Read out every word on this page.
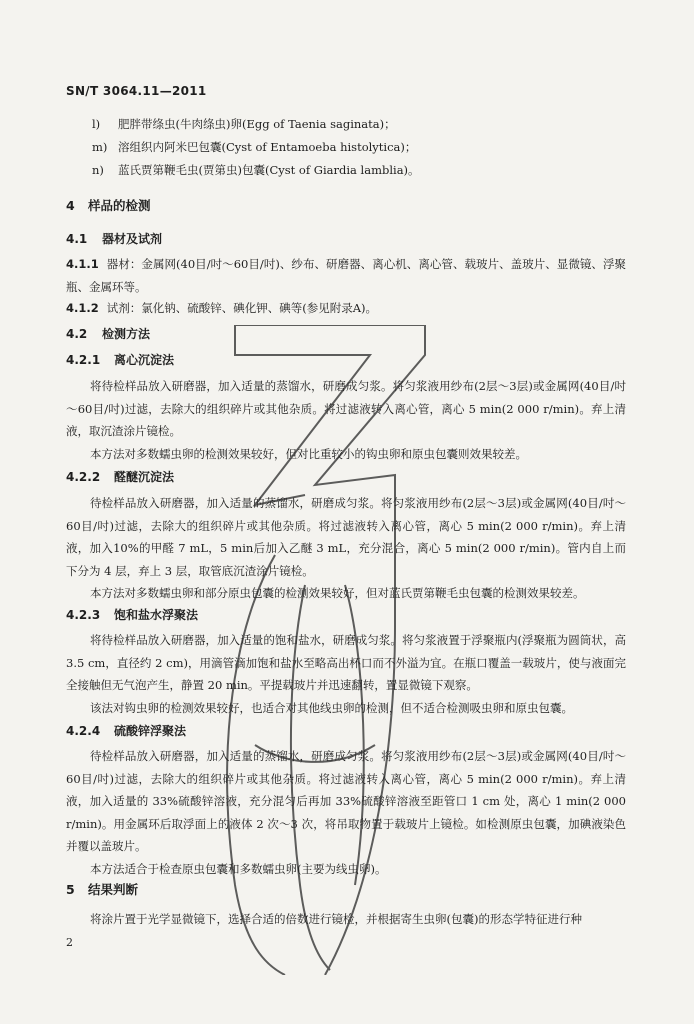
SN/T 3064.11—2011
l) 肥胖带绦虫(牛肉绦虫)卵(Egg of Taenia saginata)；
m) 溶组织内阿米巴包囊(Cyst of Entamoeba histolytica)；
n) 蓝氏贾第鞭毛虫(贾第虫)包囊(Cyst of Giardia lamblia)。
4 样品的检测
4.1 器材及试剂
4.1.1 器材：金属网(40目/吋～60目/吋)、纱布、研磨器、离心机、离心管、载玻片、盖玻片、显微镜、浮聚瓶、金属环等。
4.1.2 试剂：氯化钠、硫酸锌、碘化钾、碘等(参见附录A)。
4.2 检测方法
4.2.1 离心沉淀法

将待检样品放入研磨器，加入适量的蒸馏水，研磨成匀浆。将匀浆液用纱布(2层～3层)或金属网(40目/吋～60目/吋)过滤，去除大的组织碎片或其他杂质。将过滤液转入离心管，离心 5 min(2 000 r/min)。弃上清液，取沉渣涂片镜检。

本方法对多数蠕虫卵的检测效果较好，但对比重较小的钩虫卵和原虫包囊则效果较差。

4.2.2 醛醚沉淀法

待检样品放入研磨器，加入适量的蒸馏水，研磨成匀浆。将匀浆液用纱布(2层～3层)或金属网(40目/吋～60目/吋)过滤，去除大的组织碎片或其他杂质。将过滤液转入离心管，离心 5 min(2 000 r/min)。弃上清液，加入10%的甲醛 7 mL，5 min后加入乙醚 3 mL，充分混合，离心 5 min(2 000 r/min)。管内自上而下分为 4 层，弃上 3 层，取管底沉渣涂片镜检。

本方法对多数蠕虫卵和部分原虫包囊的检测效果较好，但对蓝氏贾第鞭毛虫包囊的检测效果较差。

4.2.3 饱和盐水浮聚法

将待检样品放入研磨器，加入适量的饱和盐水，研磨成匀浆。将匀浆液置于浮聚瓶内(浮聚瓶为圆筒状，高 3.5 cm，直径约 2 cm)，用滴管滴加饱和盐水至略高出杯口而不外溢为宜。在瓶口覆盖一载玻片，使与液面完全接触但无气泡产生，静置 20 min。平提载玻片并迅速翻转，置显微镜下观察。

该法对钩虫卵的检测效果较好，也适合对其他线虫卵的检测，但不适合检测吸虫卵和原虫包囊。

4.2.4 硫酸锌浮聚法

待检样品放入研磨器，加入适量的蒸馏水，研磨成匀浆。将匀浆液用纱布(2层～3层)或金属网(40目/吋～60目/吋)过滤，去除大的组织碎片或其他杂质。将过滤液转入离心管，离心 5 min(2 000 r/min)。弃上清液，加入适量的 33%硫酸锌溶液，充分混匀后再加 33%硫酸锌溶液至距管口 1 cm 处，离心 1 min(2 000 r/min)。用金属环后取浮面上的液体 2 次～3 次，将吊取物置于载玻片上镜检。如检测原虫包囊，加碘液染色并覆以盖玻片。

本方法适合于检查原虫包囊和多数蠕虫卵(主要为线虫卵)。

5 结果判断

将涂片置于光学显微镜下，选择合适的倍数进行镜检，并根据寄生虫卵(包囊)的形态学特征进行种

2
